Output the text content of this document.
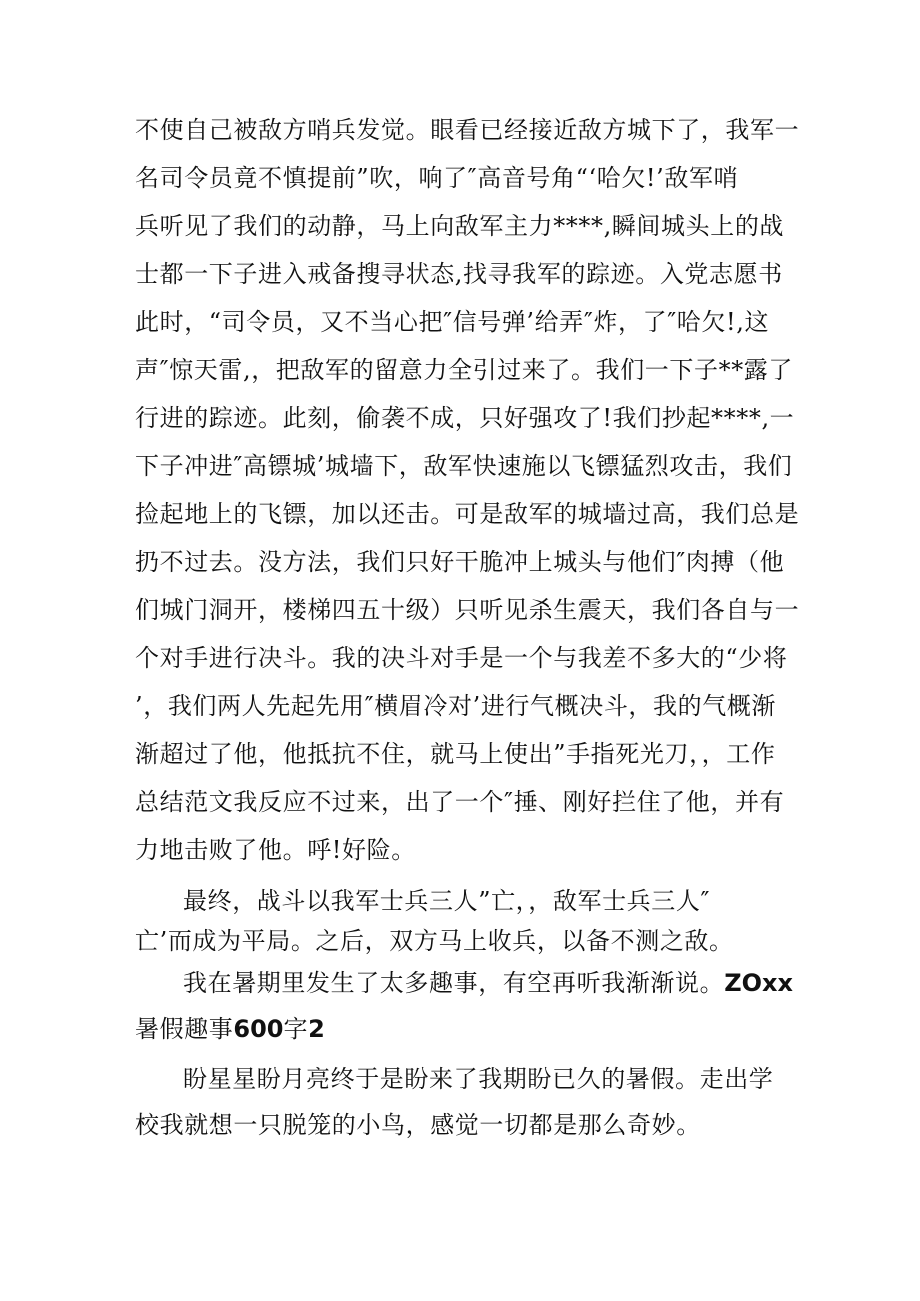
不使自己被敌方哨兵发觉。眼看已经接近敌方城下了，我军一
名司令员竟不慎提前”吹，响了″高音号角“‘哈欠!’敌军哨
兵听见了我们的动静，马上向敌军主力****,瞬间城头上的战
士都一下子进入戒备搜寻状态,找寻我军的踪迹。入党志愿书
此时，“司令员，又不当心把″信号弹’给弄″炸，了″哈欠!,这
声″惊天雷,，把敌军的留意力全引过来了。我们一下子**露了
行进的踪迹。此刻，偷袭不成，只好强攻了!我们抄起****,一
下子冲进″高镖城’城墙下，敌军快速施以飞镖猛烈攻击，我们
捡起地上的飞镖，加以还击。可是敌军的城墙过高，我们总是
扔不过去。没方法，我们只好干脆冲上城头与他们″肉搏（他
们城门洞开，楼梯四五十级）只听见杀生震天，我们各自与一
个对手进行决斗。我的决斗对手是一个与我差不多大的“少将
’，我们两人先起先用″横眉冷对’进行气概决斗，我的气概渐
渐超过了他，他抵抗不住，就马上使出”手指死光刀，，工作
总结范文我反应不过来，出了一个″捶、刚好拦住了他，并有
力地击败了他。呼!好险。
最终，战斗以我军士兵三人”亡，，敌军士兵三人″
亡’而成为平局。之后，双方马上收兵，以备不测之敌。
我在暑期里发生了太多趣事，有空再听我渐渐说。ZOxx
暑假趣事600字2
盼星星盼月亮终于是盼来了我期盼已久的暑假。走出学
校我就想一只脱笼的小鸟，感觉一切都是那么奇妙。
